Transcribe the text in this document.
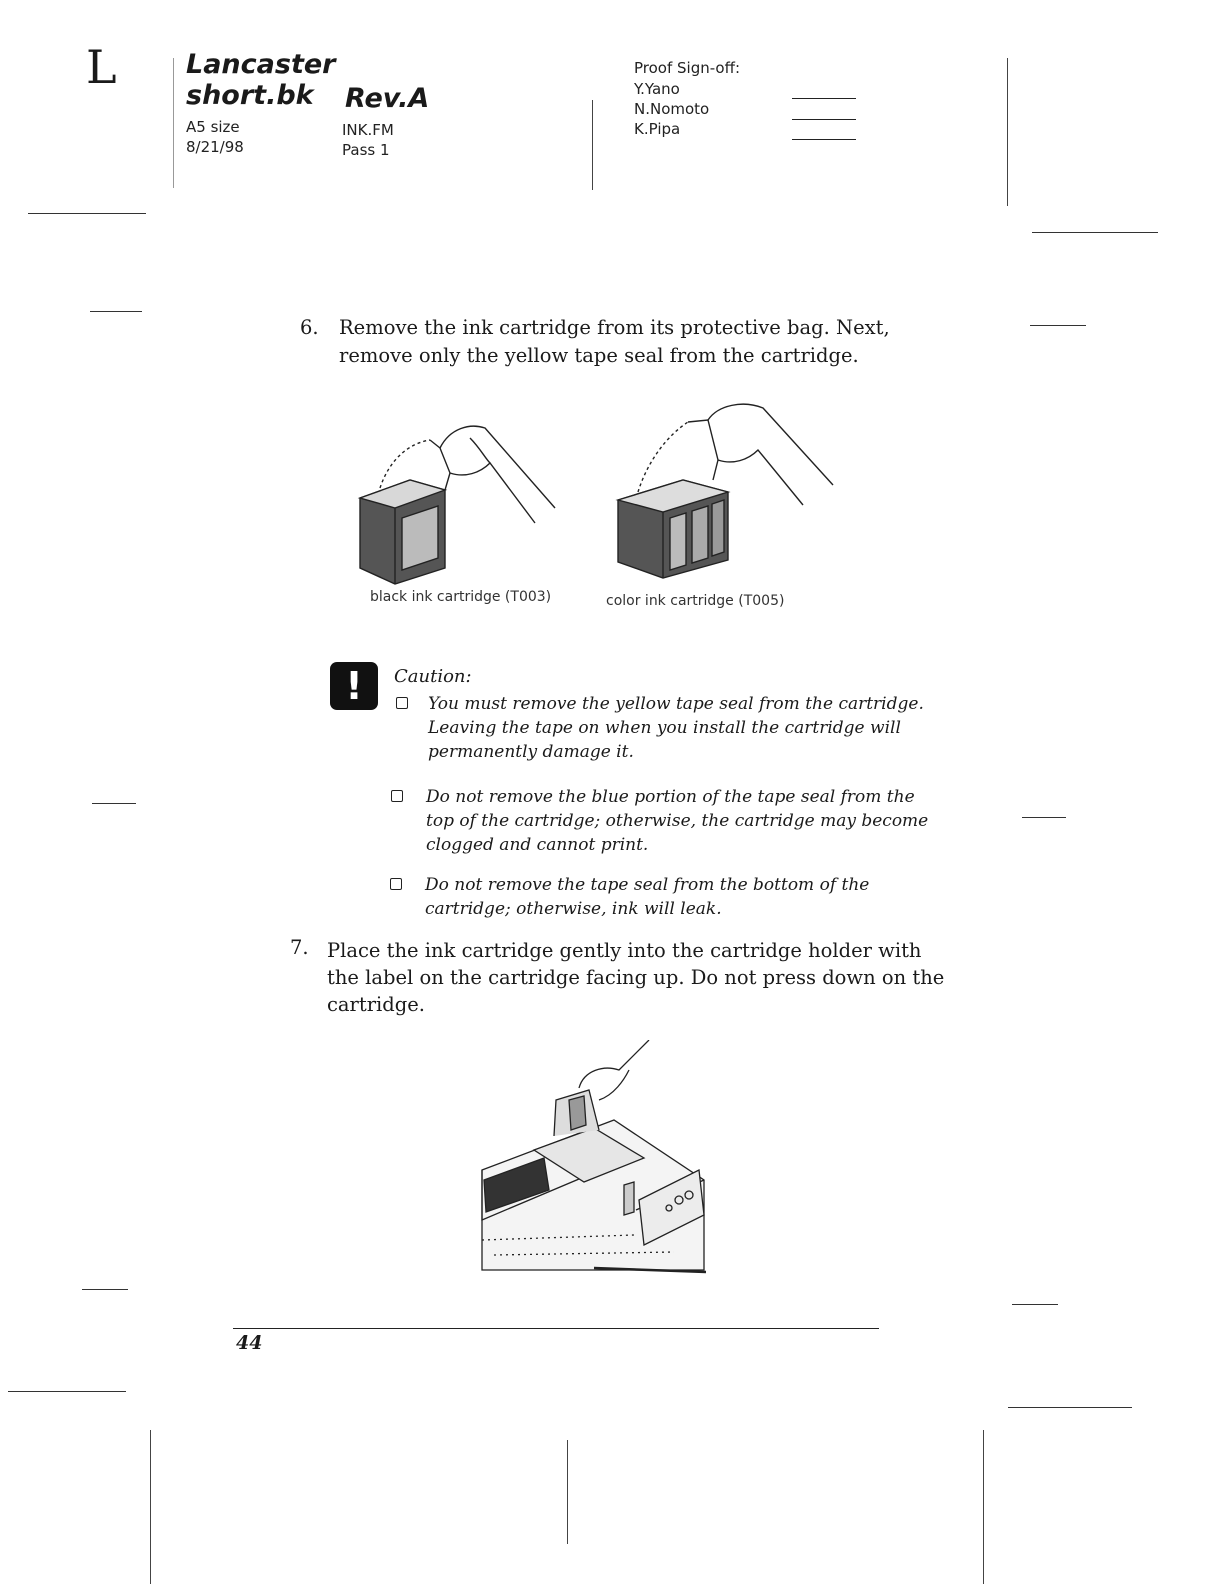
L	Lancaster
short.bk Rev.A
A5 size
8/21/98
INK.FM
Pass 1
Proof Sign-off:
Y.Yano
N.Nomoto
K.Pipa
6. Remove the ink cartridge from its protective bag. Next,
remove only the yellow tape seal from the cartridge.
black ink cartridge (T003)	color ink cartridge (T005)
!	Caution:
You must remove the yellow tape seal from the cartridge.
Leaving the tape on when you install the cartridge will
permanently damage it.
Do not remove the blue portion of the tape seal from the
top of the cartridge; otherwise, the cartridge may become
clogged and cannot print.
Do not remove the tape seal from the bottom of the
cartridge; otherwise, ink will leak.
7. Place the ink cartridge gently into the cartridge holder with
the label on the cartridge facing up. Do not press down on the
cartridge.
44
